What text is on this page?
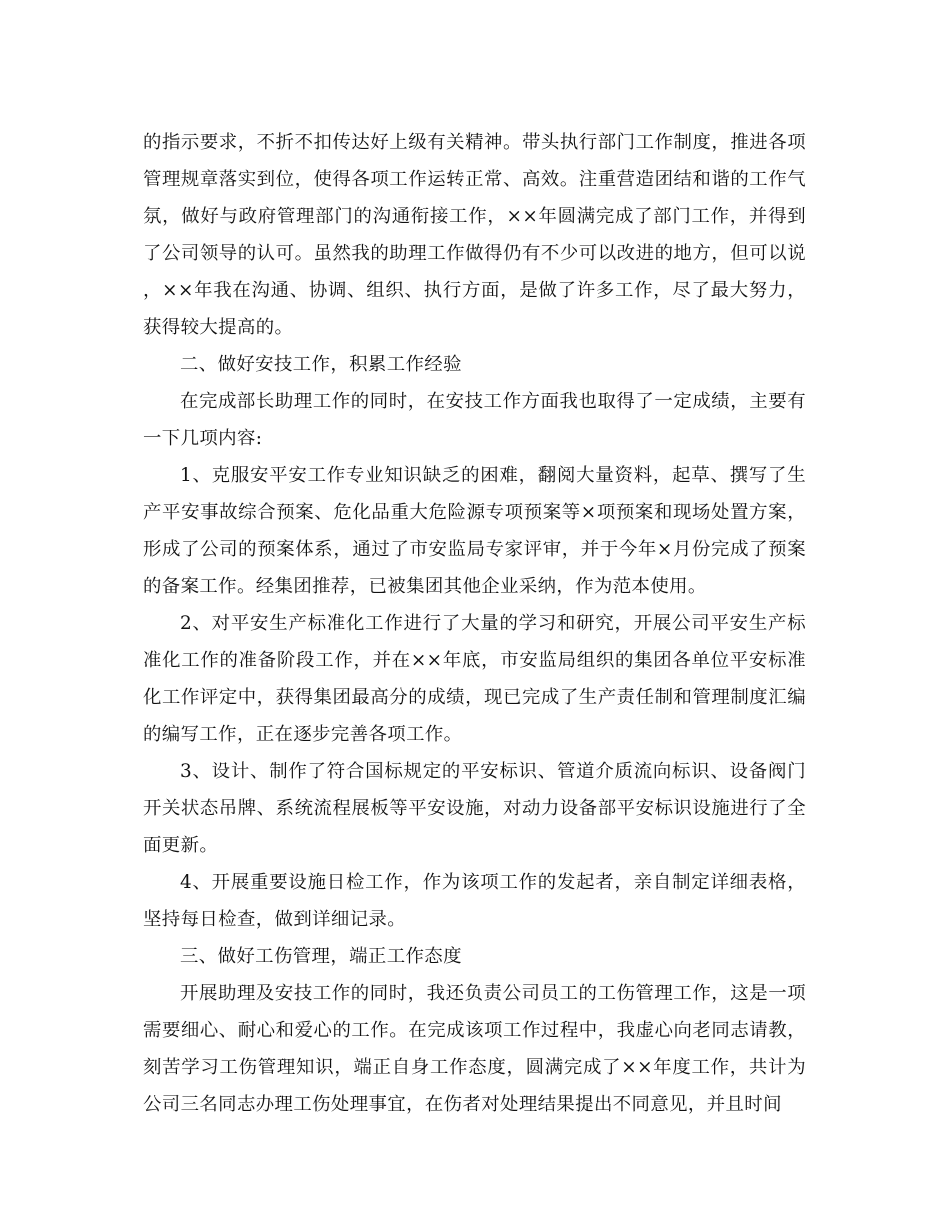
的指示要求，不折不扣传达好上级有关精神。带头执行部门工作制度，推进各项管理规章落实到位，使得各项工作运转正常、高效。注重营造团结和谐的工作气氛，做好与政府管理部门的沟通衔接工作，××年圆满完成了部门工作，并得到了公司领导的认可。虽然我的助理工作做得仍有不少可以改进的地方，但可以说，××年我在沟通、协调、组织、执行方面，是做了许多工作，尽了最大努力，获得较大提高的。

二、做好安技工作，积累工作经验

在完成部长助理工作的同时，在安技工作方面我也取得了一定成绩，主要有一下几项内容:

1、克服安平安工作专业知识缺乏的困难，翻阅大量资料，起草、撰写了生产平安事故综合预案、危化品重大危险源专项预案等×项预案和现场处置方案，形成了公司的预案体系，通过了市安监局专家评审，并于今年×月份完成了预案的备案工作。经集团推荐，已被集团其他企业采纳，作为范本使用。

2、对平安生产标准化工作进行了大量的学习和研究，开展公司平安生产标准化工作的准备阶段工作，并在××年底，市安监局组织的集团各单位平安标准化工作评定中，获得集团最高分的成绩，现已完成了生产责任制和管理制度汇编的编写工作，正在逐步完善各项工作。

3、设计、制作了符合国标规定的平安标识、管道介质流向标识、设备阀门开关状态吊牌、系统流程展板等平安设施，对动力设备部平安标识设施进行了全面更新。

4、开展重要设施日检工作，作为该项工作的发起者，亲自制定详细表格，坚持每日检查，做到详细记录。

三、做好工伤管理，端正工作态度

开展助理及安技工作的同时，我还负责公司员工的工伤管理工作，这是一项需要细心、耐心和爱心的工作。在完成该项工作过程中，我虚心向老同志请教，刻苦学习工伤管理知识，端正自身工作态度，圆满完成了××年度工作，共计为公司三名同志办理工伤处理事宜，在伤者对处理结果提出不同意见，并且时间
